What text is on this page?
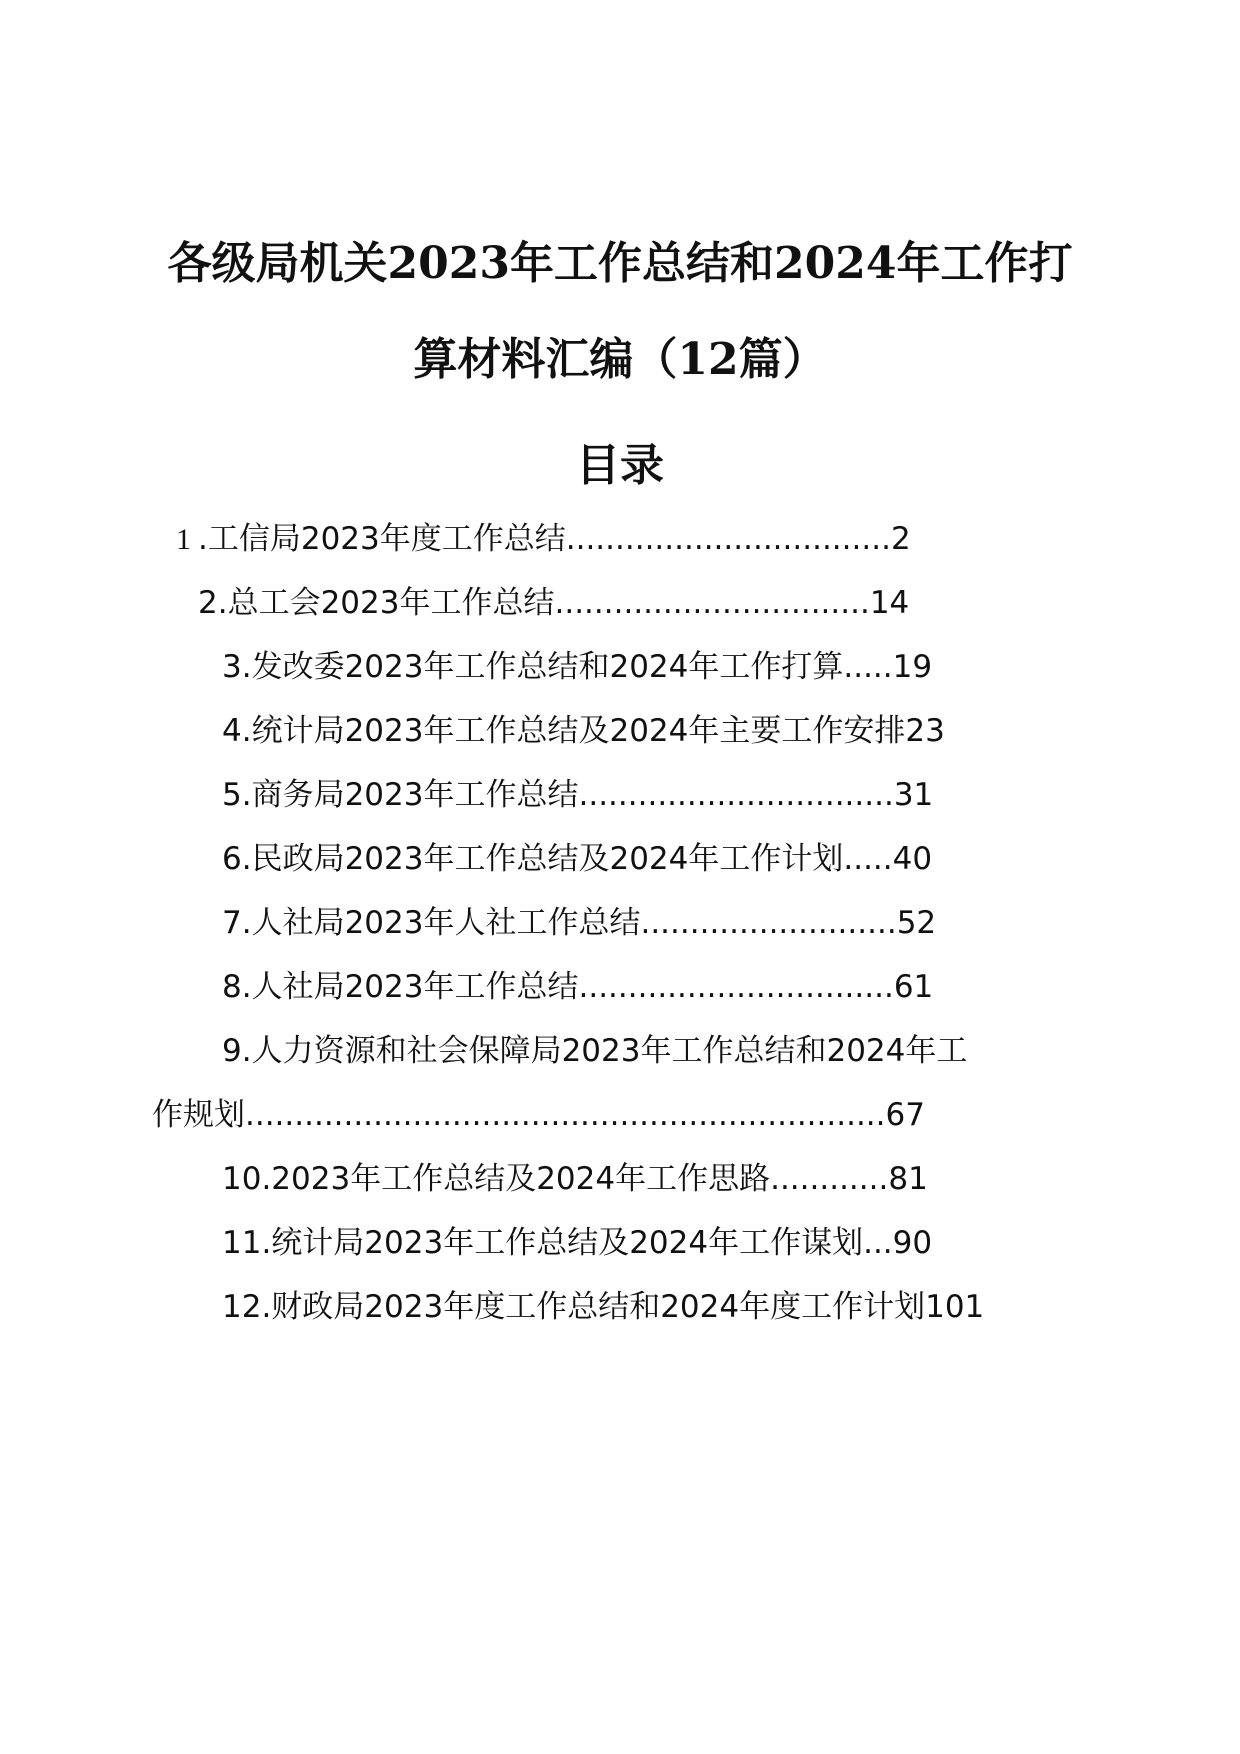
各级局机关2023年工作总结和2024年工作打
算材料汇编（12篇）
目录
1 .工信局2023年度工作总结.................................2
2.总工会2023年工作总结................................14
3.发改委2023年工作总结和2024年工作打算.....19
4.统计局2023年工作总结及2024年主要工作安排23
5.商务局2023年工作总结................................31
6.民政局2023年工作总结及2024年工作计划.....40
7.人社局2023年人社工作总结..........................52
8.人社局2023年工作总结................................61
9.人力资源和社会保障局2023年工作总结和2024年工
作规划.................................................................67
10.2023年工作总结及2024年工作思路............81
11.统计局2023年工作总结及2024年工作谋划...90
12.财政局2023年度工作总结和2024年度工作计划101
